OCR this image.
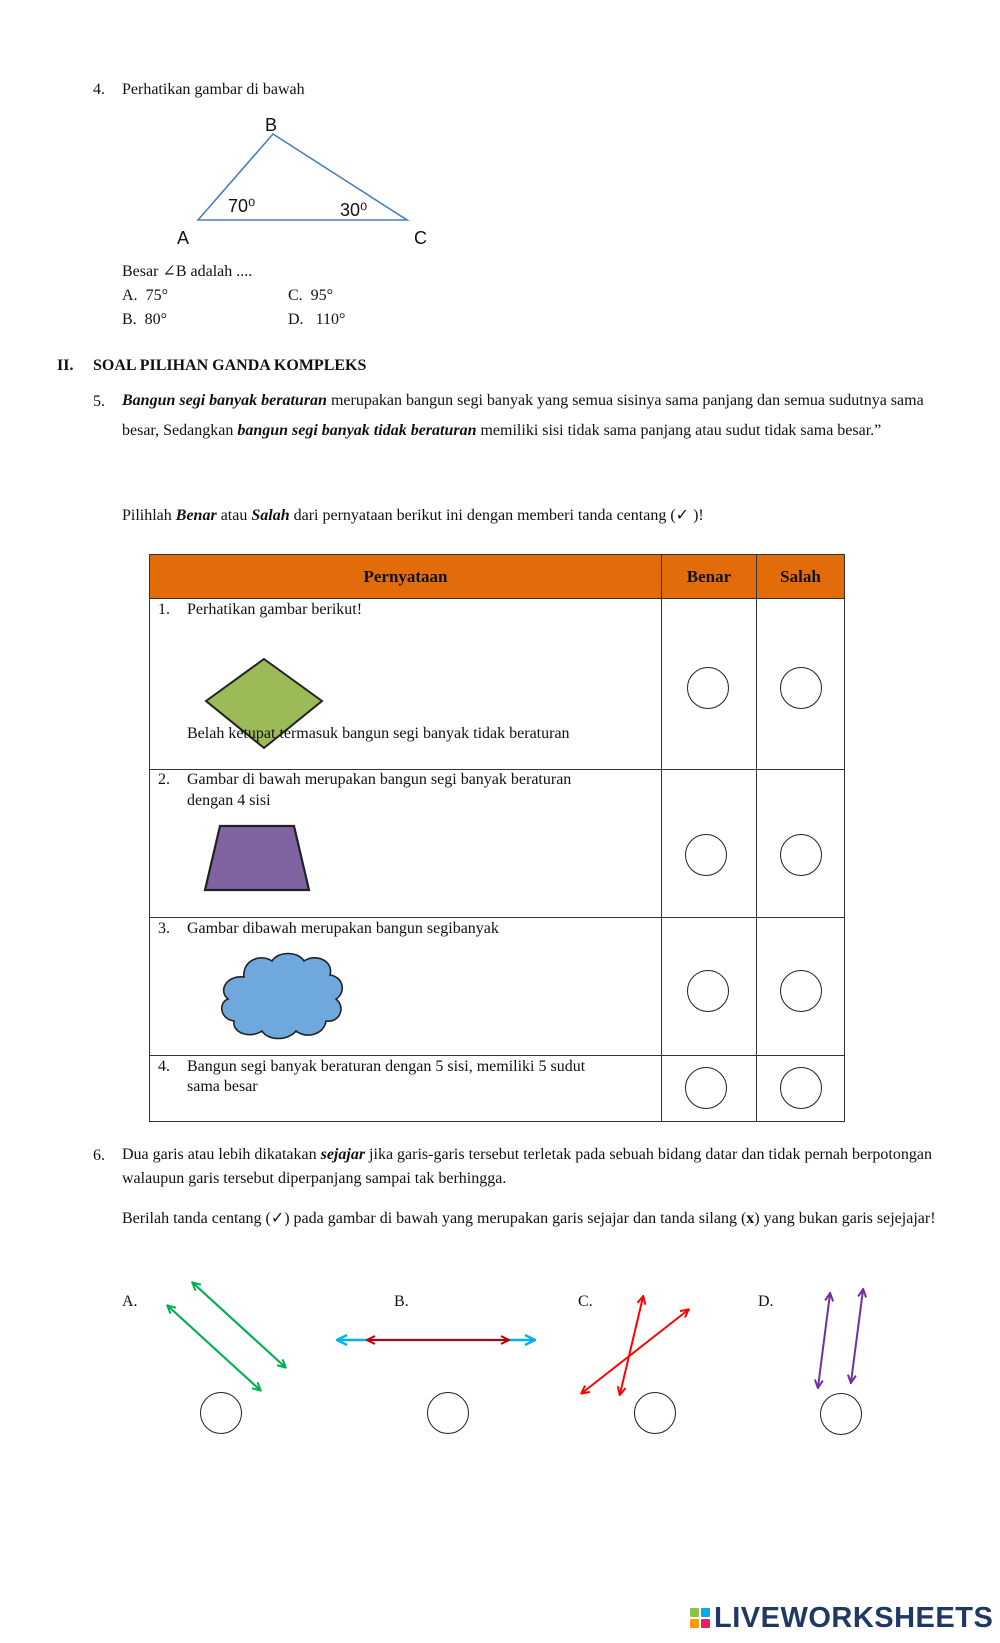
4. Perhatikan gambar di bawah
B
A	C
70⁰	30⁰
Besar ∠B adalah ....
A. 75°	C. 95°
B. 80°	D. 110°
II. SOAL PILIHAN GANDA KOMPLEKS
5. Bangun segi banyak beraturan merupakan bangun segi banyak yang semua sisinya sama panjang dan semua sudutnya sama besar, Sedangkan bangun segi banyak tidak beraturan memiliki sisi tidak sama panjang atau sudut tidak sama besar.”
Pilihlah Benar atau Salah dari pernyataan berikut ini dengan memberi tanda centang (✓ )!
Pernyataan	Benar	Salah

1. Perhatikan gambar berikut!
Belah ketupat termasuk bangun segi banyak tidak beraturan		

2. Gambar di bawah merupakan bangun segi banyak beraturan
dengan 4 sisi		

3. Gambar dibawah merupakan bangun segibanyak		

4. Bangun segi banyak beraturan dengan 5 sisi, memiliki 5 sudut
sama besar		

6. Dua garis atau lebih dikatakan sejajar jika garis-garis tersebut terletak pada sebuah bidang datar dan tidak pernah berpotongan walaupun garis tersebut diperpanjang sampai tak berhingga.
Berilah tanda centang (✓) pada gambar di bawah yang merupakan garis sejajar dan tanda silang (x) yang bukan garis sejejajar!
A.	B.	C.	D.
LIVEWORKSHEETS
